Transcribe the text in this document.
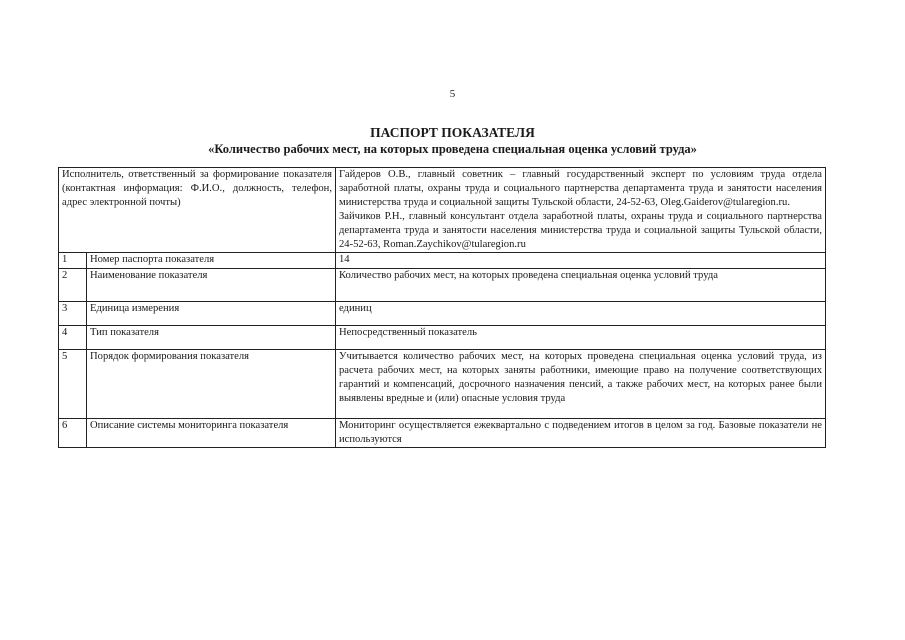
5
ПАСПОРТ ПОКАЗАТЕЛЯ
«Количество рабочих мест, на которых проведена специальная оценка условий труда»
Исполнитель, ответственный за формирование показателя (контактная информация: Ф.И.О., должность, телефон, адрес электронной почты)		Гайдеров О.В., главный советник – главный государственный эксперт по условиям труда отдела заработной платы, охраны труда и социального партнерства департамента труда и занятости населения министерства труда и социальной защиты Тульской области, 24-52-63, Oleg.Gaiderov@tularegion.ru.
Зайчиков Р.Н., главный консультант отдела заработной платы, охраны труда и социального партнерства департамента труда и занятости населения министерства труда и социальной защиты Тульской области, 24-52-63, Roman.Zaychikov@tularegion.ru

1	Номер паспорта показателя	14
2	Наименование показателя	Количество рабочих мест, на которых проведена специальная оценка условий труда
3	Единица измерения	единиц
4	Тип показателя	Непосредственный показатель
5	Порядок формирования показателя	Учитывается количество рабочих мест, на которых проведена специальная оценка условий труда, из расчета рабочих мест, на которых заняты работники, имеющие право на получение соответствующих гарантий и компенсаций, досрочного назначения пенсий, а также рабочих мест, на которых ранее были выявлены вредные и (или) опасные условия труда
6	Описание системы мониторинга показателя	Мониторинг осуществляется ежеквартально с подведением итогов в целом за год. Базовые показатели не используются
